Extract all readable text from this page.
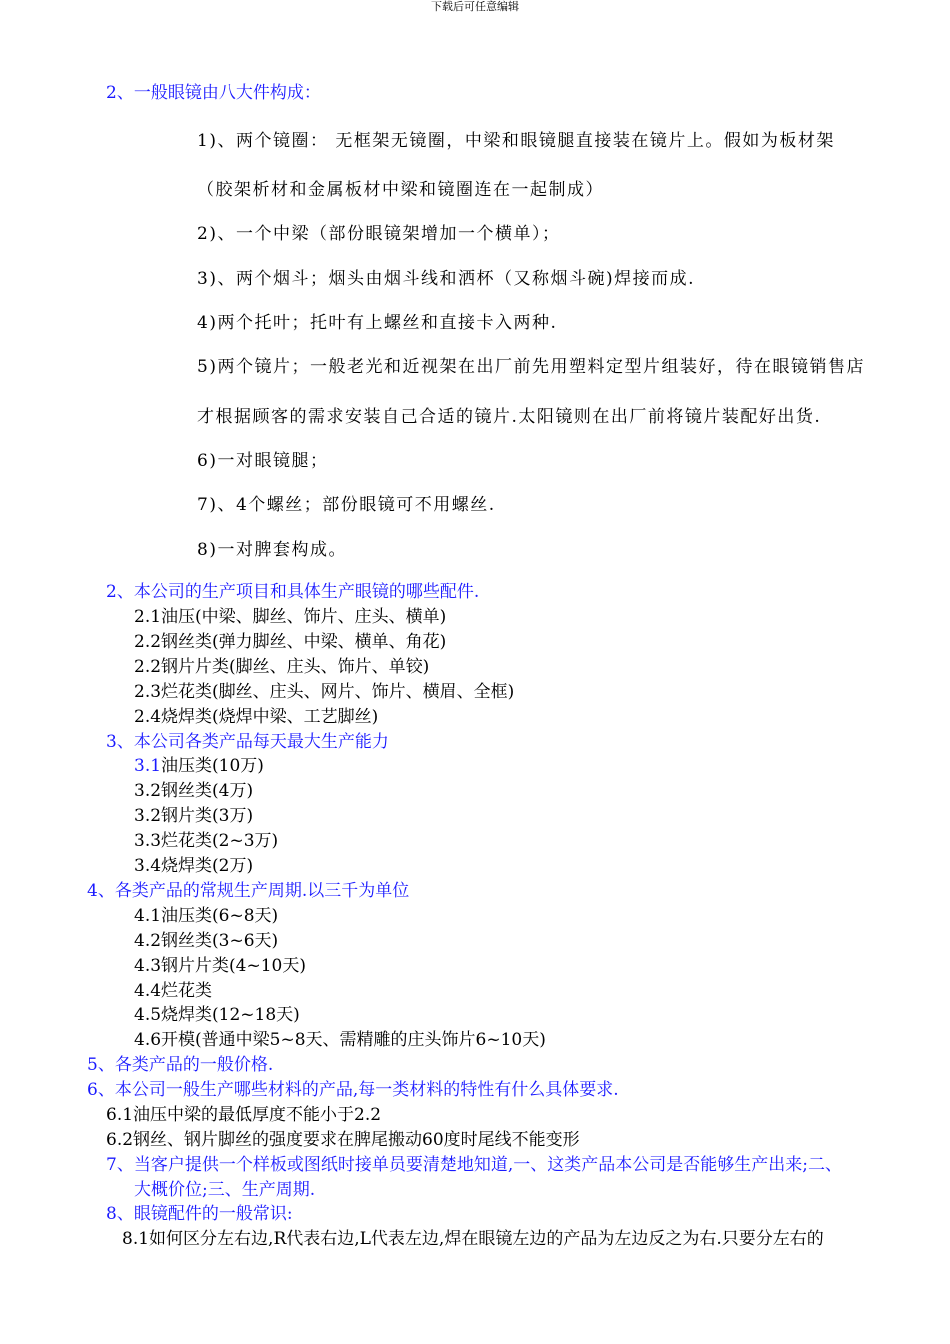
下载后可任意编辑
2、一般眼镜由八大件构成：
1)、两个镜圈： 无框架无镜圈，中梁和眼镜腿直接装在镜片上。假如为板材架
（胶架析材和金属板材中梁和镜圈连在一起制成）
2)、一个中梁（部份眼镜架增加一个横单）；
3)、两个烟斗；烟头由烟斗线和洒杯（又称烟斗碗)焊接而成.
4)两个托叶；托叶有上螺丝和直接卡入两种.
5)两个镜片；一般老光和近视架在出厂前先用塑料定型片组装好，待在眼镜销售店
才根据顾客的需求安装自己合适的镜片.太阳镜则在出厂前将镜片装配好出货.
6)一对眼镜腿；
7)、4个螺丝；部份眼镜可不用螺丝.
8)一对脾套构成。
2、本公司的生产项目和具体生产眼镜的哪些配件.
2.1油压(中梁、脚丝、饰片、庄头、横单)
2.2钢丝类(弹力脚丝、中梁、横单、角花)
2.2钢片片类(脚丝、庄头、饰片、单铰)
2.3烂花类(脚丝、庄头、网片、饰片、横眉、全框)
2.4烧焊类(烧焊中梁、工艺脚丝)
3、本公司各类产品每天最大生产能力
3.1油压类(10万)
3.2钢丝类(4万)
3.2钢片类(3万)
3.3烂花类(2~3万)
3.4烧焊类(2万)
4、各类产品的常规生产周期.以三千为单位
4.1油压类(6~8天)
4.2钢丝类(3~6天)
4.3钢片片类(4~10天)
4.4烂花类
4.5烧焊类(12~18天)
4.6开模(普通中梁5~8天、需精雕的庄头饰片6~10天)
5、各类产品的一般价格.
6、本公司一般生产哪些材料的产品,每一类材料的特性有什么具体要求.
6.1油压中梁的最低厚度不能小于2.2
6.2钢丝、钢片脚丝的强度要求在脾尾搬动60度时尾线不能变形
7、当客户提供一个样板或图纸时接单员要清楚地知道,一、这类产品本公司是否能够生产出来;二、
大概价位;三、生产周期.
8、眼镜配件的一般常识:
8.1如何区分左右边,R代表右边,L代表左边,焊在眼镜左边的产品为左边反之为右.只要分左右的
